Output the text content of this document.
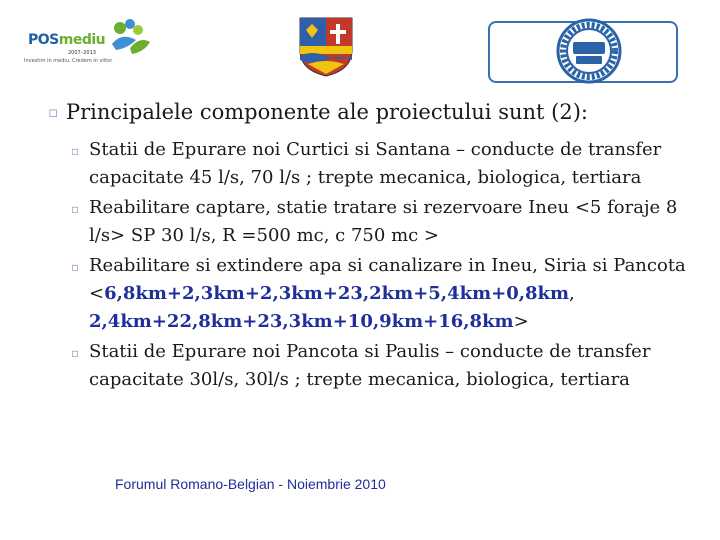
POSmediu
2007–2013
Investim in mediu. Credem in viitor
▫ Principalele componente ale proiectului sunt (2):
▫ Statii de Epurare noi Curtici si Santana – conducte de transfer capacitate 45 l/s, 70 l/s ; trepte mecanica, biologica, tertiara
▫ Reabilitare captare, statie tratare si rezervoare Ineu <5 foraje 8 l/s> SP 30 l/s, R =500 mc, c 750 mc >
▫ Reabilitare si extindere apa si canalizare in Ineu, Siria si Pancota <6,8km+2,3km+2,3km+23,2km+5,4km+0,8km, 2,4km+22,8km+23,3km+10,9km+16,8km>
▫ Statii de Epurare noi Pancota si Paulis – conducte de transfer capacitate 30l/s, 30l/s ; trepte mecanica, biologica, tertiara
Forumul Romano-Belgian - Noiembrie 2010
